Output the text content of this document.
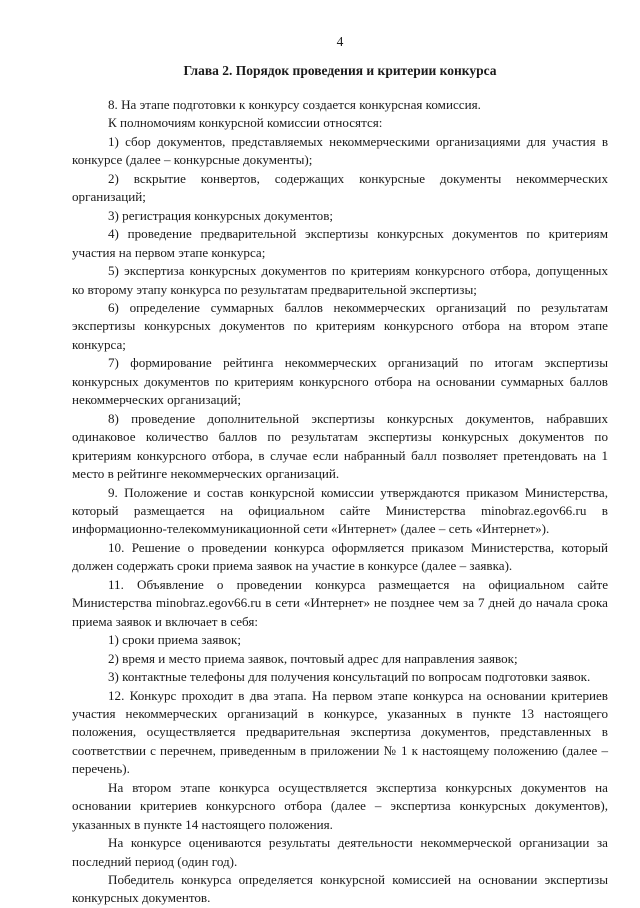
4
Глава 2. Порядок проведения и критерии конкурса

8. На этапе подготовки к конкурсу создается конкурсная комиссия.

К полномочиям конкурсной комиссии относятся:

1) сбор документов, представляемых некоммерческими организациями для участия в конкурсе (далее – конкурсные документы);

2) вскрытие конвертов, содержащих конкурсные документы некоммерческих организаций;

3) регистрация конкурсных документов;

4) проведение предварительной экспертизы конкурсных документов по критериям участия на первом этапе конкурса;

5) экспертиза конкурсных документов по критериям конкурсного отбора, допущенных ко второму этапу конкурса по результатам предварительной экспертизы;

6) определение суммарных баллов некоммерческих организаций по результатам экспертизы конкурсных документов по критериям конкурсного отбора на втором этапе конкурса;

7) формирование рейтинга некоммерческих организаций по итогам экспертизы конкурсных документов по критериям конкурсного отбора на основании суммарных баллов некоммерческих организаций;

8) проведение дополнительной экспертизы конкурсных документов, набравших одинаковое количество баллов по результатам экспертизы конкурсных документов по критериям конкурсного отбора, в случае если набранный балл позволяет претендовать на 1 место в рейтинге некоммерческих организаций.

9. Положение и состав конкурсной комиссии утверждаются приказом Министерства, который размещается на официальном сайте Министерства minobraz.egov66.ru в информационно-телекоммуникационной сети «Интернет» (далее – сеть «Интернет»).

10. Решение о проведении конкурса оформляется приказом Министерства, который должен содержать сроки приема заявок на участие в конкурсе (далее – заявка).

11. Объявление о проведении конкурса размещается на официальном сайте Министерства minobraz.egov66.ru в сети «Интернет» не позднее чем за 7 дней до начала срока приема заявок и включает в себя:

1) сроки приема заявок;

2) время и место приема заявок, почтовый адрес для направления заявок;

3) контактные телефоны для получения консультаций по вопросам подготовки заявок.

12. Конкурс проходит в два этапа. На первом этапе конкурса на основании критериев участия некоммерческих организаций в конкурсе, указанных в пункте 13 настоящего положения, осуществляется предварительная экспертиза документов, представленных в соответствии с перечнем, приведенным в приложении № 1 к настоящему положению (далее – перечень).

На втором этапе конкурса осуществляется экспертиза конкурсных документов на основании критериев конкурсного отбора (далее – экспертиза конкурсных документов), указанных в пункте 14 настоящего положения.

На конкурсе оцениваются результаты деятельности некоммерческой организации за последний период (один год).

Победитель конкурса определяется конкурсной комиссией на основании экспертизы конкурсных документов.
